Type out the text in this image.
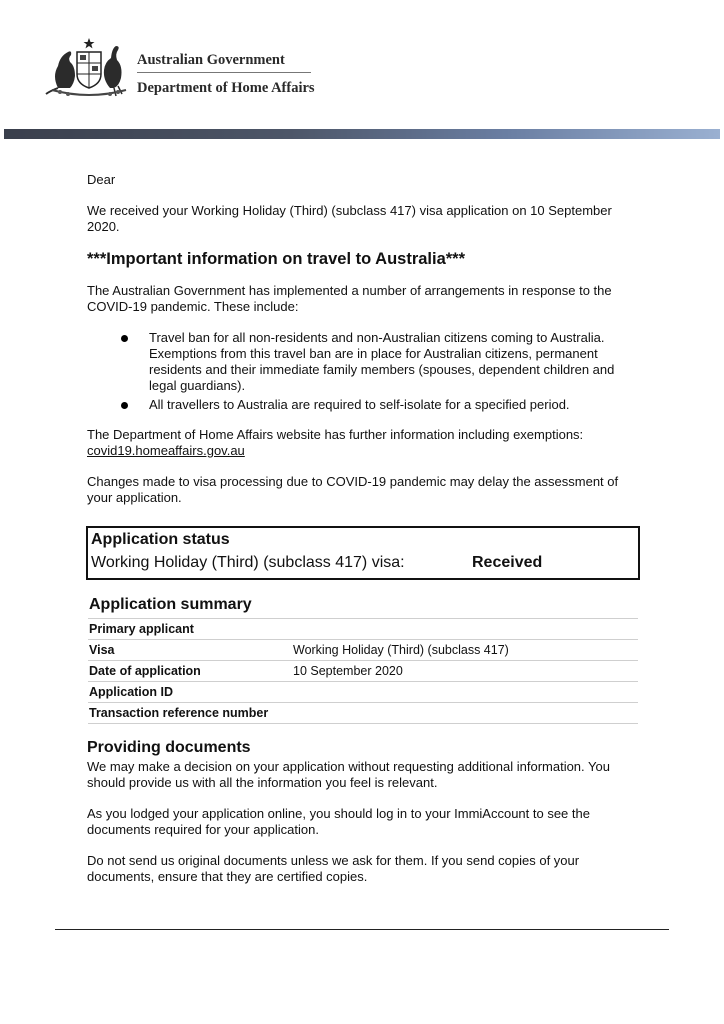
Australian Government
Department of Home Affairs

Dear

We received your Working Holiday (Third) (subclass 417) visa application on 10 September 2020.

***Important information on travel to Australia***

The Australian Government has implemented a number of arrangements in response to the COVID-19 pandemic. These include:

Travel ban for all non-residents and non-Australian citizens coming to Australia. Exemptions from this travel ban are in place for Australian citizens, permanent residents and their immediate family members (spouses, dependent children and legal guardians).
All travellers to Australia are required to self-isolate for a specified period.

The Department of Home Affairs website has further information including exemptions:
covid19.homeaffairs.gov.au

Changes made to visa processing due to COVID-19 pandemic may delay the assessment of your application.

Application status
Working Holiday (Third) (subclass 417) visa:	Received
Application summary
Primary applicant
Visa	Working Holiday (Third) (subclass 417)
Date of application	10 September 2020
Application ID
Transaction reference number

Providing documents

We may make a decision on your application without requesting additional information. You should provide us with all the information you feel is relevant.

As you lodged your application online, you should log in to your ImmiAccount to see the documents required for your application.

Do not send us original documents unless we ask for them. If you send copies of your documents, ensure that they are certified copies.
